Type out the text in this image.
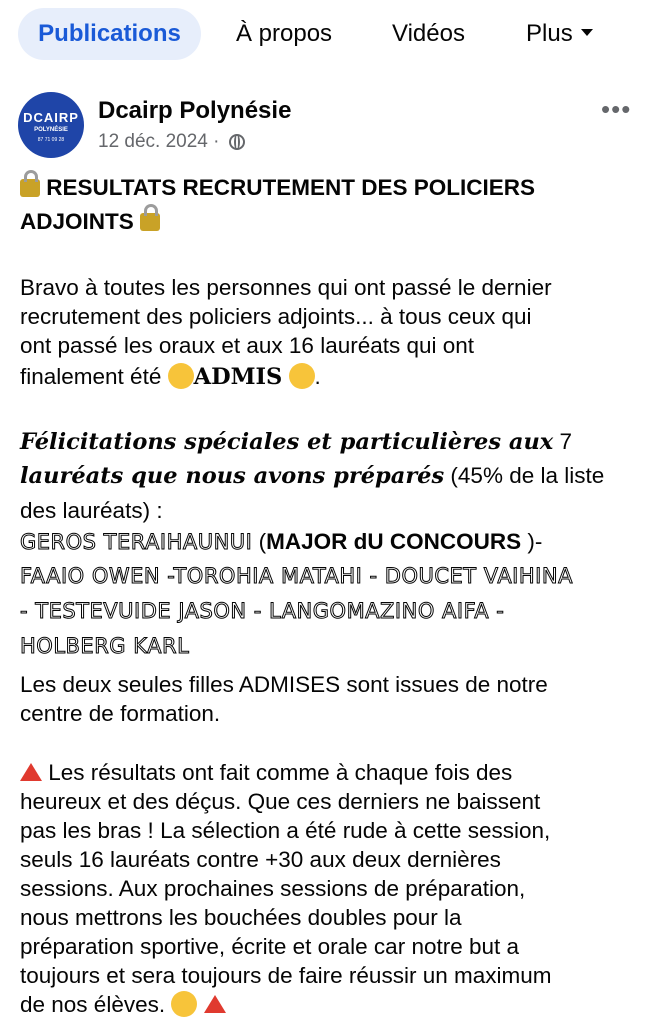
Publications	À propos Vidéos	Plus
DCAIRP
POLYNÉSIE
87 71 09 28
Dcairp Polynésie
12 déc. 2024 ·
•••
RESULTATS RECRUTEMENT DES POLICIERS
ADJOINTS
Bravo à toutes les personnes qui ont passé le dernier
recrutement des policiers adjoints... à tous ceux qui
ont passé les oraux et aux 16 lauréats qui ont
finalement été ADMIS .
Félicitations spéciales et particulières aux 7
lauréats que nous avons préparés (45% de la liste
des lauréats) :
GEROS TERAIHAUNUI (MAJOR dU CONCOURS )-
FAAIO OWEN -TOROHIA MATAHI - DOUCET VAIHINA
- TESTEVUIDE JASON - LANGOMAZINO AIFA -
HOLBERG KARL
Les deux seules filles ADMISES sont issues de notre
centre de formation.
Les résultats ont fait comme à chaque fois des
heureux et des déçus. Que ces derniers ne baissent
pas les bras ! La sélection a été rude à cette session,
seuls 16 lauréats contre +30 aux deux dernières
sessions. Aux prochaines sessions de préparation,
nous mettrons les bouchées doubles pour la
préparation sportive, écrite et orale car notre but a
toujours et sera toujours de faire réussir un maximum
de nos élèves.
